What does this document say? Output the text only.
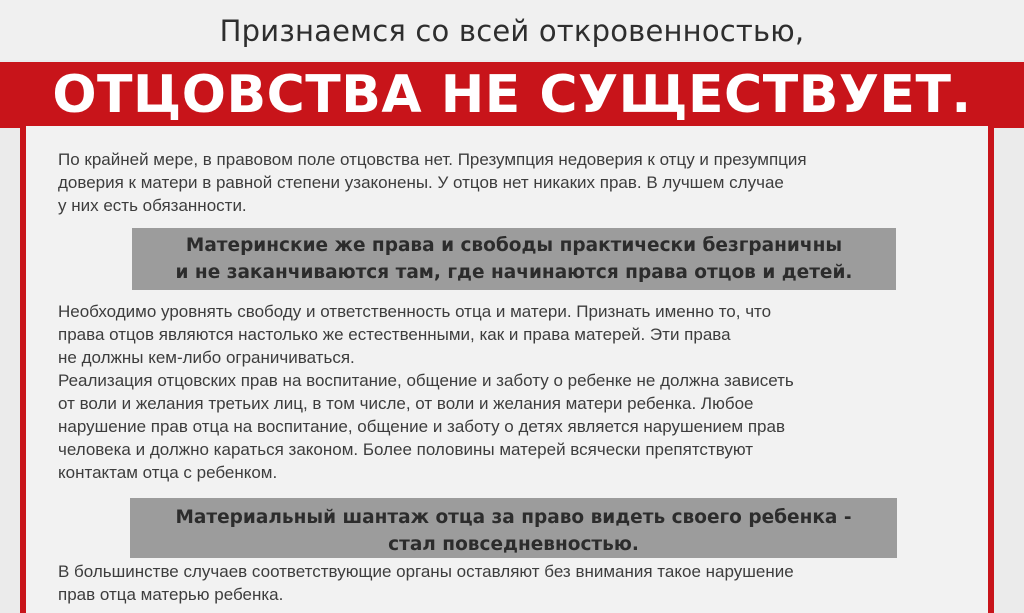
Признаемся со всей откровенностью,
ОТЦОВСТВА НЕ СУЩЕСТВУЕТ.
По крайней мере, в правовом поле отцовства нет. Презумпция недоверия к отцу и презумпция
доверия к матери в равной степени узаконены. У отцов нет никаких прав. В лучшем случае
у них есть обязанности.
Материнские же права и свободы практически безграничны
и не заканчиваются там, где начинаются права отцов и детей.
Необходимо уровнять свободу и ответственность отца и матери. Признать именно то, что
права отцов являются настолько же естественными, как и права матерей. Эти права
не должны кем-либо ограничиваться.
Реализация отцовских прав на воспитание, общение и заботу о ребенке не должна зависеть
от воли и желания третьих лиц, в том числе, от воли и желания матери ребенка. Любое
нарушение прав отца на воспитание, общение и заботу о детях является нарушением прав
человека и должно караться законом. Более половины матерей всячески препятствуют
контактам отца с ребенком.
Материальный шантаж отца за право видеть своего ребенка -
стал повседневностью.
В большинстве случаев соответствующие органы оставляют без внимания такое нарушение
прав отца матерью ребенка.
